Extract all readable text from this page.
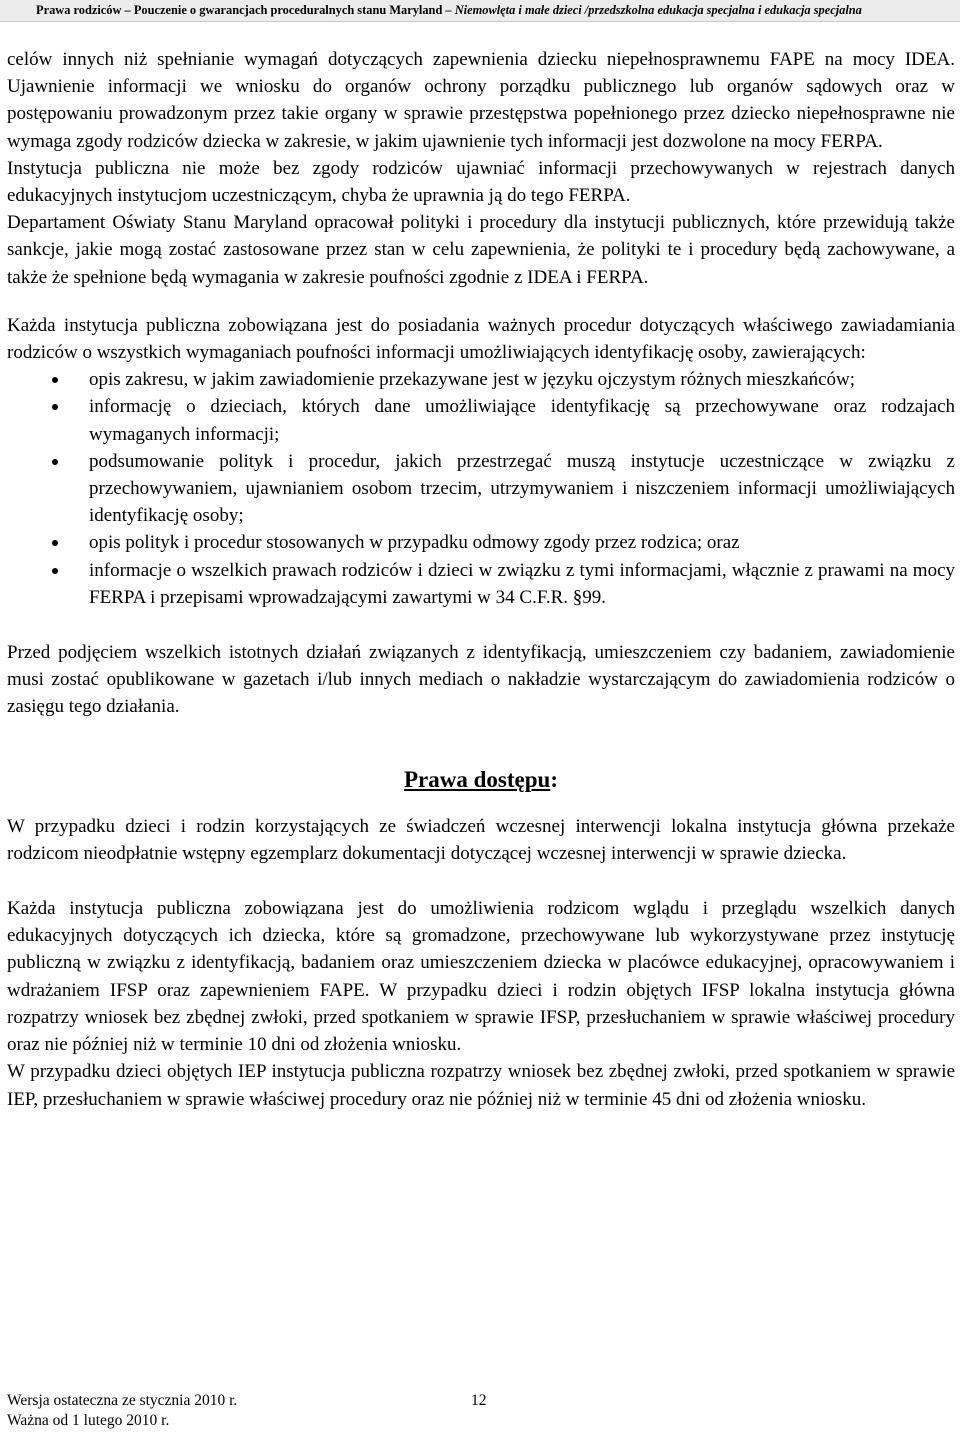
Prawa rodziców – Pouczenie o gwarancjach proceduralnych stanu Maryland – Niemowlęta i małe dzieci /przedszkolna edukacja specjalna i edukacja specjalna

celów innych niż spełnianie wymagań dotyczących zapewnienia dziecku niepełnosprawnemu FAPE na mocy IDEA. Ujawnienie informacji we wniosku do organów ochrony porządku publicznego lub organów sądowych oraz w postępowaniu prowadzonym przez takie organy w sprawie przestępstwa popełnionego przez dziecko niepełnosprawne nie wymaga zgody rodziców dziecka w zakresie, w jakim ujawnienie tych informacji jest dozwolone na mocy FERPA.

Instytucja publiczna nie może bez zgody rodziców ujawniać informacji przechowywanych w rejestrach danych edukacyjnych instytucjom uczestniczącym, chyba że uprawnia ją do tego FERPA.

Departament Oświaty Stanu Maryland opracował polityki i procedury dla instytucji publicznych, które przewidują także sankcje, jakie mogą zostać zastosowane przez stan w celu zapewnienia, że polityki te i procedury będą zachowywane, a także że spełnione będą wymagania w zakresie poufności zgodnie z IDEA i FERPA.

Każda instytucja publiczna zobowiązana jest do posiadania ważnych procedur dotyczących właściwego zawiadamiania rodziców o wszystkich wymaganiach poufności informacji umożliwiających identyfikację osoby, zawierających:

opis zakresu, w jakim zawiadomienie przekazywane jest w języku ojczystym różnych mieszkańców;
informację o dzieciach, których dane umożliwiające identyfikację są przechowywane oraz rodzajach wymaganych informacji;
podsumowanie polityk i procedur, jakich przestrzegać muszą instytucje uczestniczące w związku z przechowywaniem, ujawnianiem osobom trzecim, utrzymywaniem i niszczeniem informacji umożliwiających identyfikację osoby;
opis polityk i procedur stosowanych w przypadku odmowy zgody przez rodzica; oraz
informacje o wszelkich prawach rodziców i dzieci w związku z tymi informacjami, włącznie z prawami na mocy FERPA i przepisami wprowadzającymi zawartymi w 34 C.F.R. §99.

Przed podjęciem wszelkich istotnych działań związanych z identyfikacją, umieszczeniem czy badaniem, zawiadomienie musi zostać opublikowane w gazetach i/lub innych mediach o nakładzie wystarczającym do zawiadomienia rodziców o zasięgu tego działania.

Prawa dostępu:

W przypadku dzieci i rodzin korzystających ze świadczeń wczesnej interwencji lokalna instytucja główna przekaże rodzicom nieodpłatnie wstępny egzemplarz dokumentacji dotyczącej wczesnej interwencji w sprawie dziecka.

Każda instytucja publiczna zobowiązana jest do umożliwienia rodzicom wglądu i przeglądu wszelkich danych edukacyjnych dotyczących ich dziecka, które są gromadzone, przechowywane lub wykorzystywane przez instytucję publiczną w związku z identyfikacją, badaniem oraz umieszczeniem dziecka w placówce edukacyjnej, opracowywaniem i wdrażaniem IFSP oraz zapewnieniem FAPE. W przypadku dzieci i rodzin objętych IFSP lokalna instytucja główna rozpatrzy wniosek bez zbędnej zwłoki, przed spotkaniem w sprawie IFSP, przesłuchaniem w sprawie właściwej procedury oraz nie później niż w terminie 10 dni od złożenia wniosku.

W przypadku dzieci objętych IEP instytucja publiczna rozpatrzy wniosek bez zbędnej zwłoki, przed spotkaniem w sprawie IEP, przesłuchaniem w sprawie właściwej procedury oraz nie później niż w terminie 45 dni od złożenia wniosku.

Wersja ostateczna ze stycznia 2010 r.
Ważna od 1 lutego 2010 r.
12
